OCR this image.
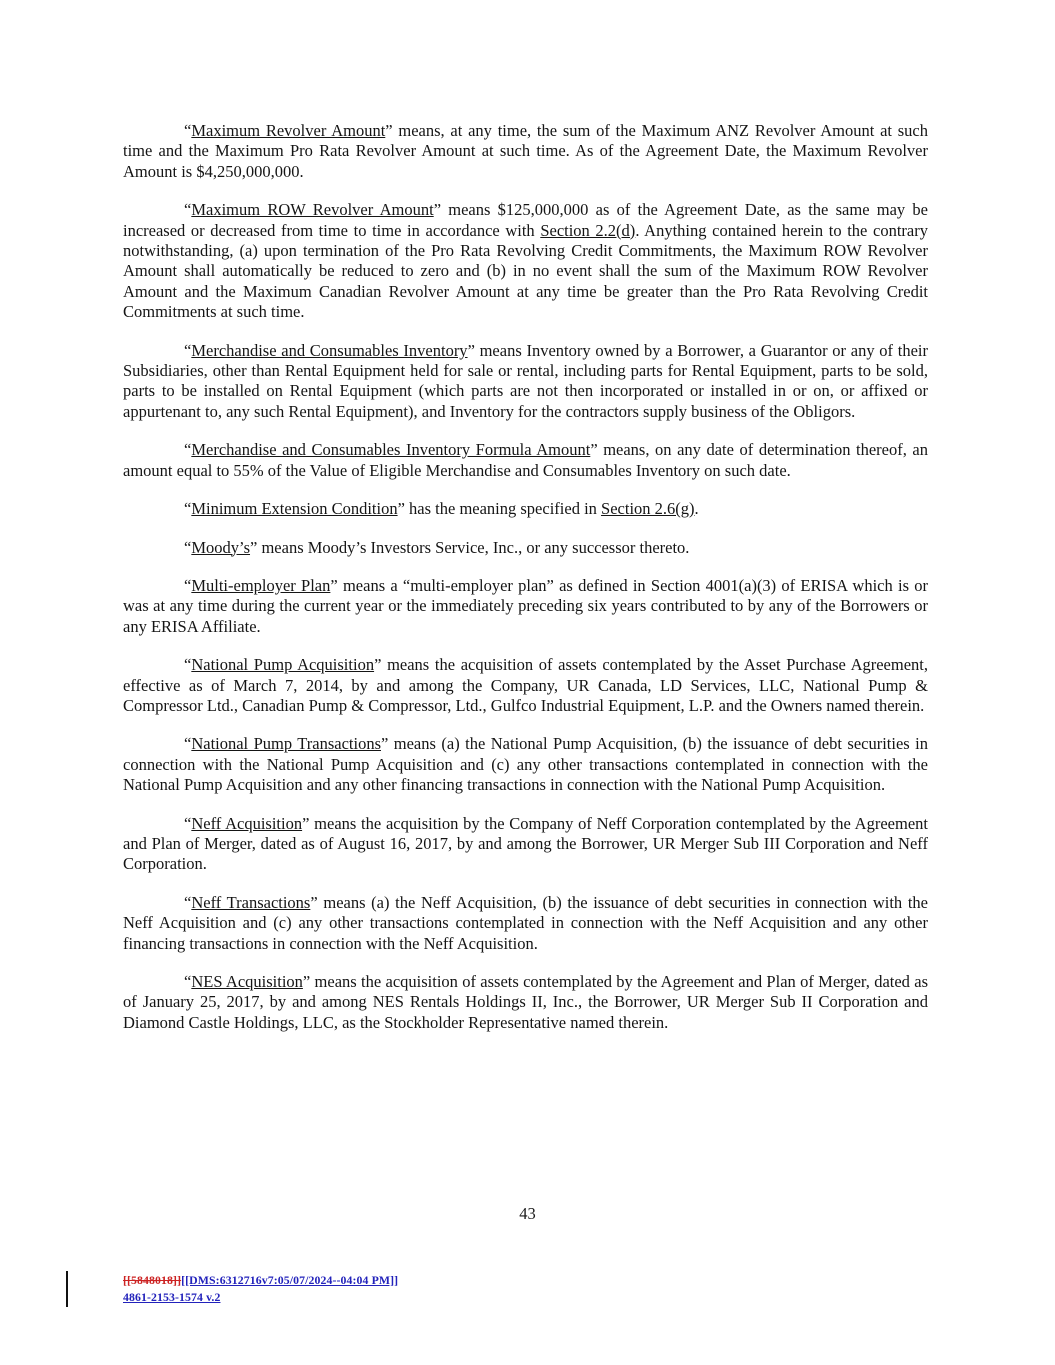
“Maximum Revolver Amount” means, at any time, the sum of the Maximum ANZ Revolver Amount at such time and the Maximum Pro Rata Revolver Amount at such time. As of the Agreement Date, the Maximum Revolver Amount is $4,250,000,000.

“Maximum ROW Revolver Amount” means $125,000,000 as of the Agreement Date, as the same may be increased or decreased from time to time in accordance with Section 2.2(d). Anything contained herein to the contrary notwithstanding, (a) upon termination of the Pro Rata Revolving Credit Commitments, the Maximum ROW Revolver Amount shall automatically be reduced to zero and (b) in no event shall the sum of the Maximum ROW Revolver Amount and the Maximum Canadian Revolver Amount at any time be greater than the Pro Rata Revolving Credit Commitments at such time.

“Merchandise and Consumables Inventory” means Inventory owned by a Borrower, a Guarantor or any of their Subsidiaries, other than Rental Equipment held for sale or rental, including parts for Rental Equipment, parts to be sold, parts to be installed on Rental Equipment (which parts are not then incorporated or installed in or on, or affixed or appurtenant to, any such Rental Equipment), and Inventory for the contractors supply business of the Obligors.

“Merchandise and Consumables Inventory Formula Amount” means, on any date of determination thereof, an amount equal to 55% of the Value of Eligible Merchandise and Consumables Inventory on such date.

“Minimum Extension Condition” has the meaning specified in Section 2.6(g).

“Moody’s” means Moody’s Investors Service, Inc., or any successor thereto.

“Multi-employer Plan” means a “multi-employer plan” as defined in Section 4001(a)(3) of ERISA which is or was at any time during the current year or the immediately preceding six years contributed to by any of the Borrowers or any ERISA Affiliate.

“National Pump Acquisition” means the acquisition of assets contemplated by the Asset Purchase Agreement, effective as of March 7, 2014, by and among the Company, UR Canada, LD Services, LLC, National Pump & Compressor Ltd., Canadian Pump & Compressor, Ltd., Gulfco Industrial Equipment, L.P. and the Owners named therein.

“National Pump Transactions” means (a) the National Pump Acquisition, (b) the issuance of debt securities in connection with the National Pump Acquisition and (c) any other transactions contemplated in connection with the National Pump Acquisition and any other financing transactions in connection with the National Pump Acquisition.

“Neff Acquisition” means the acquisition by the Company of Neff Corporation contemplated by the Agreement and Plan of Merger, dated as of August 16, 2017, by and among the Borrower, UR Merger Sub III Corporation and Neff Corporation.

“Neff Transactions” means (a) the Neff Acquisition, (b) the issuance of debt securities in connection with the Neff Acquisition and (c) any other transactions contemplated in connection with the Neff Acquisition and any other financing transactions in connection with the Neff Acquisition.

“NES Acquisition” means the acquisition of assets contemplated by the Agreement and Plan of Merger, dated as of January 25, 2017, by and among NES Rentals Holdings II, Inc., the Borrower, UR Merger Sub II Corporation and Diamond Castle Holdings, LLC, as the Stockholder Representative named therein.

43
[[5848018]][[DMS:6312716v7:05/07/2024--04:04 PM]]
4861-2153-1574 v.2
